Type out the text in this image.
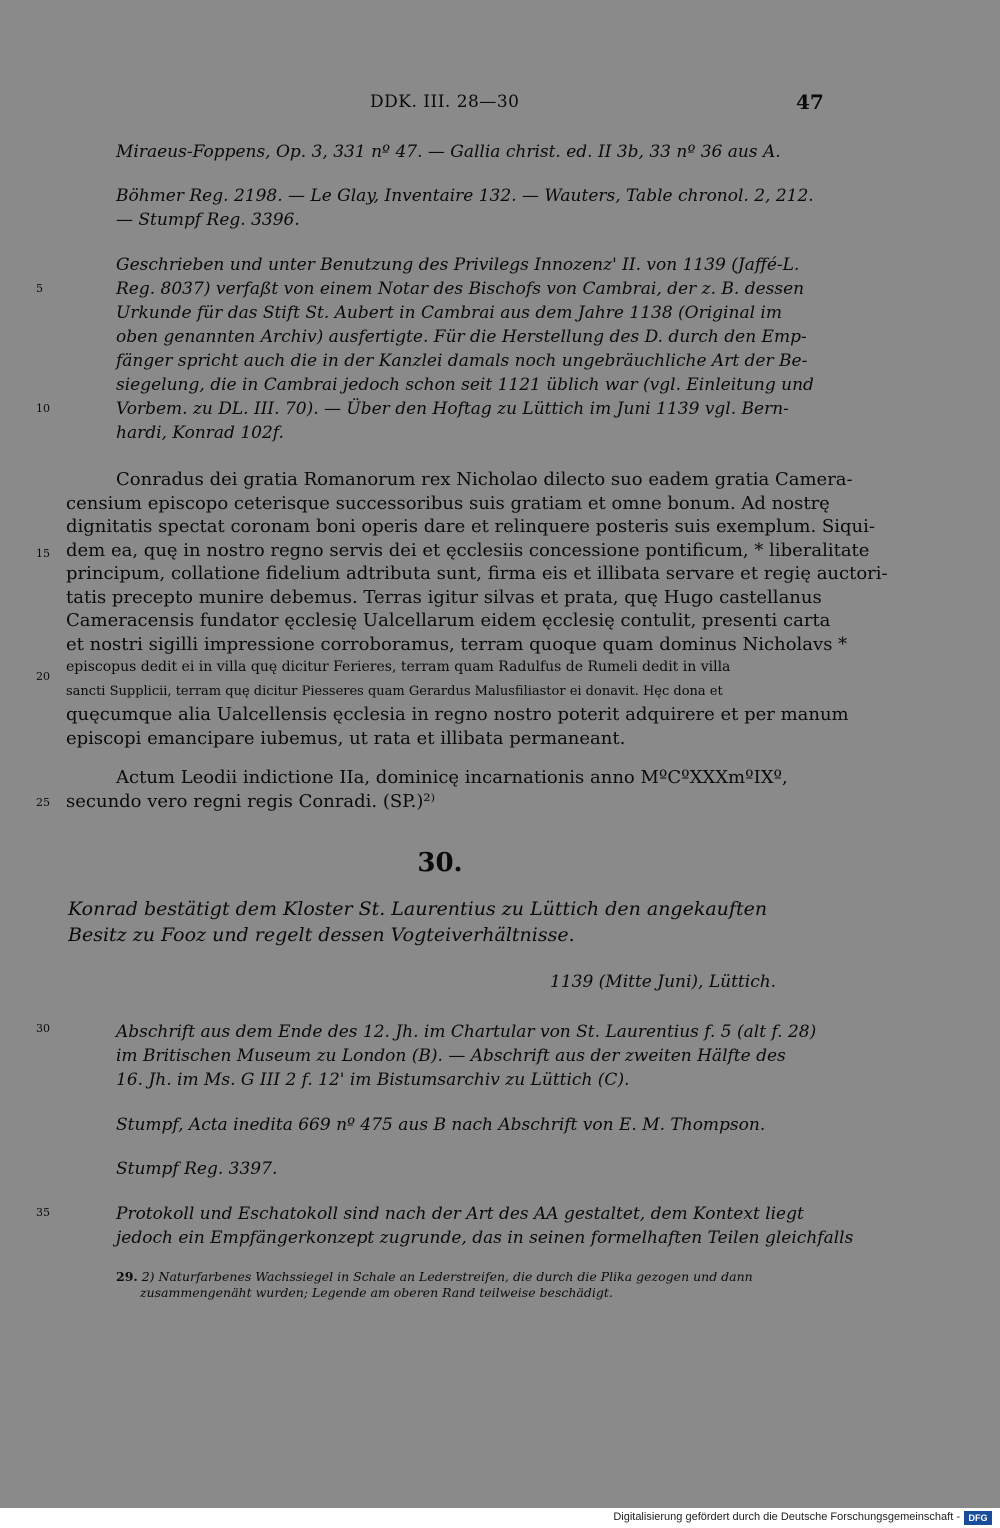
DDK. III. 28—30	47
Miraeus-Foppens, Op. 3, 331 nº 47. — Gallia christ. ed. II 3b, 33 nº 36 aus A.
Böhmer Reg. 2198. — Le Glay, Inventaire 132. — Wauters, Table chronol. 2, 212.
— Stumpf Reg. 3396.
Geschrieben und unter Benutzung des Privilegs Innozenz' II. von 1139 (Jaffé-L.
Reg. 8037) verfaßt von einem Notar des Bischofs von Cambrai, der z. B. dessen
Urkunde für das Stift St. Aubert in Cambrai aus dem Jahre 1138 (Original im
oben genannten Archiv) ausfertigte. Für die Herstellung des D. durch den Emp-
fänger spricht auch die in der Kanzlei damals noch ungebräuchliche Art der Be-
siegelung, die in Cambrai jedoch schon seit 1121 üblich war (vgl. Einleitung und
Vorbem. zu DL. III. 70). — Über den Hoftag zu Lüttich im Juni 1139 vgl. Bern-
hardi, Konrad 102f.
Conradus dei gratia Romanorum rex Nicholao dilecto suo eadem gratia Camera-
censium episcopo ceterisque successoribus suis gratiam et omne bonum. Ad nostrę
dignitatis spectat coronam boni operis dare et relinquere posteris suis exemplum. Siqui-
dem ea, quę in nostro regno servis dei et ęcclesiis concessione pontificum, * liberalitate
principum, collatione fidelium adtributa sunt, firma eis et illibata servare et regię auctori-
tatis precepto munire debemus. Terras igitur silvas et prata, quę Hugo castellanus
Cameracensis fundator ęcclesię Ualcellarum eidem ęcclesię contulit, presenti carta
et nostri sigilli impressione corroboramus, terram quoque quam dominus Nicholavs *
episcopus dedit ei in villa quę dicitur Ferieres, terram quam Radulfus de Rumeli dedit in villa
sancti Supplicii, terram quę dicitur Piesseres quam Gerardus Malusfiliastor ei donavit. Hęc dona et
quęcumque alia Ualcellensis ęcclesia in regno nostro poterit adquirere et per manum
episcopi emancipare iubemus, ut rata et illibata permaneant.
Actum Leodii indictione IIa, dominicę incarnationis anno MºCºXXXmºIXº,
secundo vero regni regis Conradi. (SP.)²⁾
30.
Konrad bestätigt dem Kloster St. Laurentius zu Lüttich den angekauften
Besitz zu Fooz und regelt dessen Vogteiverhältnisse.
1139 (Mitte Juni), Lüttich.
Abschrift aus dem Ende des 12. Jh. im Chartular von St. Laurentius f. 5 (alt f. 28)
im Britischen Museum zu London (B). — Abschrift aus der zweiten Hälfte des
16. Jh. im Ms. G III 2 f. 12' im Bistumsarchiv zu Lüttich (C).
Stumpf, Acta inedita 669 nº 475 aus B nach Abschrift von E. M. Thompson.
Stumpf Reg. 3397.
Protokoll und Eschatokoll sind nach der Art des AA gestaltet, dem Kontext liegt
jedoch ein Empfängerkonzept zugrunde, das in seinen formelhaften Teilen gleichfalls
29. 2) Naturfarbenes Wachssiegel in Schale an Lederstreifen, die durch die Plika gezogen und dann
zusammengenäht wurden; Legende am oberen Rand teilweise beschädigt.
5
10
15
20
25
30
35
Digitalisierung gefördert durch die Deutsche Forschungsgemeinschaft - DFG
